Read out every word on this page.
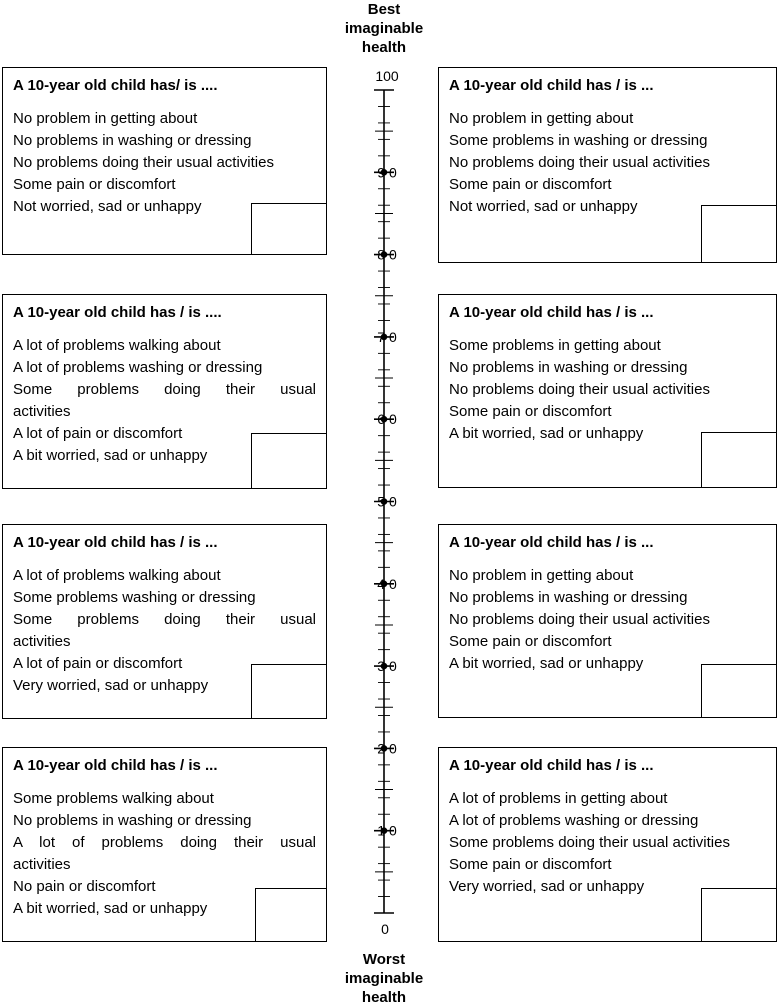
Best
imaginable
health
Worst
imaginable
health
100
9 0
8 0
7 0
6 0
5 0
4 0
3 0
2 0
1 0
0
A 10-year old child has/ is ....
No problem in getting about
No problems in washing or dressing
No problems doing their usual activities
Some pain or discomfort
Not worried, sad or unhappy
A 10-year old child has / is ...
No problem in getting about
Some problems in washing or dressing
No problems doing their usual activities
Some pain or discomfort
Not worried, sad or unhappy
A 10-year old child has / is ....
A lot of problems walking about
A lot of problems washing or dressing
Some problems doing their usual
activities
A lot of pain or discomfort
A bit worried, sad or unhappy
A 10-year old child has / is ...
Some problems in getting about
No problems in washing or dressing
No problems doing their usual activities
Some pain or discomfort
A bit worried, sad or unhappy
A 10-year old child has / is ...
A lot of problems walking about
Some problems washing or dressing
Some problems doing their usual
activities
A lot of pain or discomfort
Very worried, sad or unhappy
A 10-year old child has / is ...
No problem in getting about
No problems in washing or dressing
No problems doing their usual activities
Some pain or discomfort
A bit worried, sad or unhappy
A 10-year old child has / is ...
Some problems walking about
No problems in washing or dressing
A lot of problems doing their usual
activities
No pain or discomfort
A bit worried, sad or unhappy
A 10-year old child has / is ...
A lot of problems in getting about
A lot of problems washing or dressing
Some problems doing their usual activities
Some pain or discomfort
Very worried, sad or unhappy
